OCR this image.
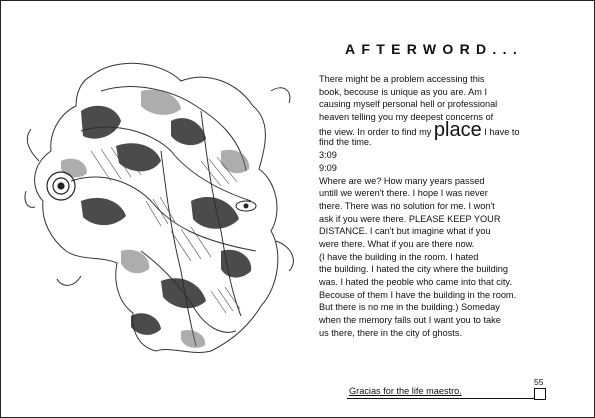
AFTERWORD...
There might be a problem accessing this
book, becouse is unique as you are. Am I
causing myself personal hell or professional
heaven telling you my deepest concerns of
the view. In order to find my place I have to
find the time.
3:09
9:09
Where are we? How many years passed
untill we weren't there. I hope I was never
there. There was no solution for me. I won't
ask if you were there. PLEASE KEEP YOUR
DISTANCE. I can't but imagine what if you
were there. What if you are there now.
(I have the building in the room. I hated
the building. I hated the city where the building
was. I hated the peoble who came into that city.
Becouse of them I have the building in the room.
But there is no me in the building.) Someday
when the memory falls out I want you to take
us there, there in the city of ghosts.
Gracias for the life maestro.
55
